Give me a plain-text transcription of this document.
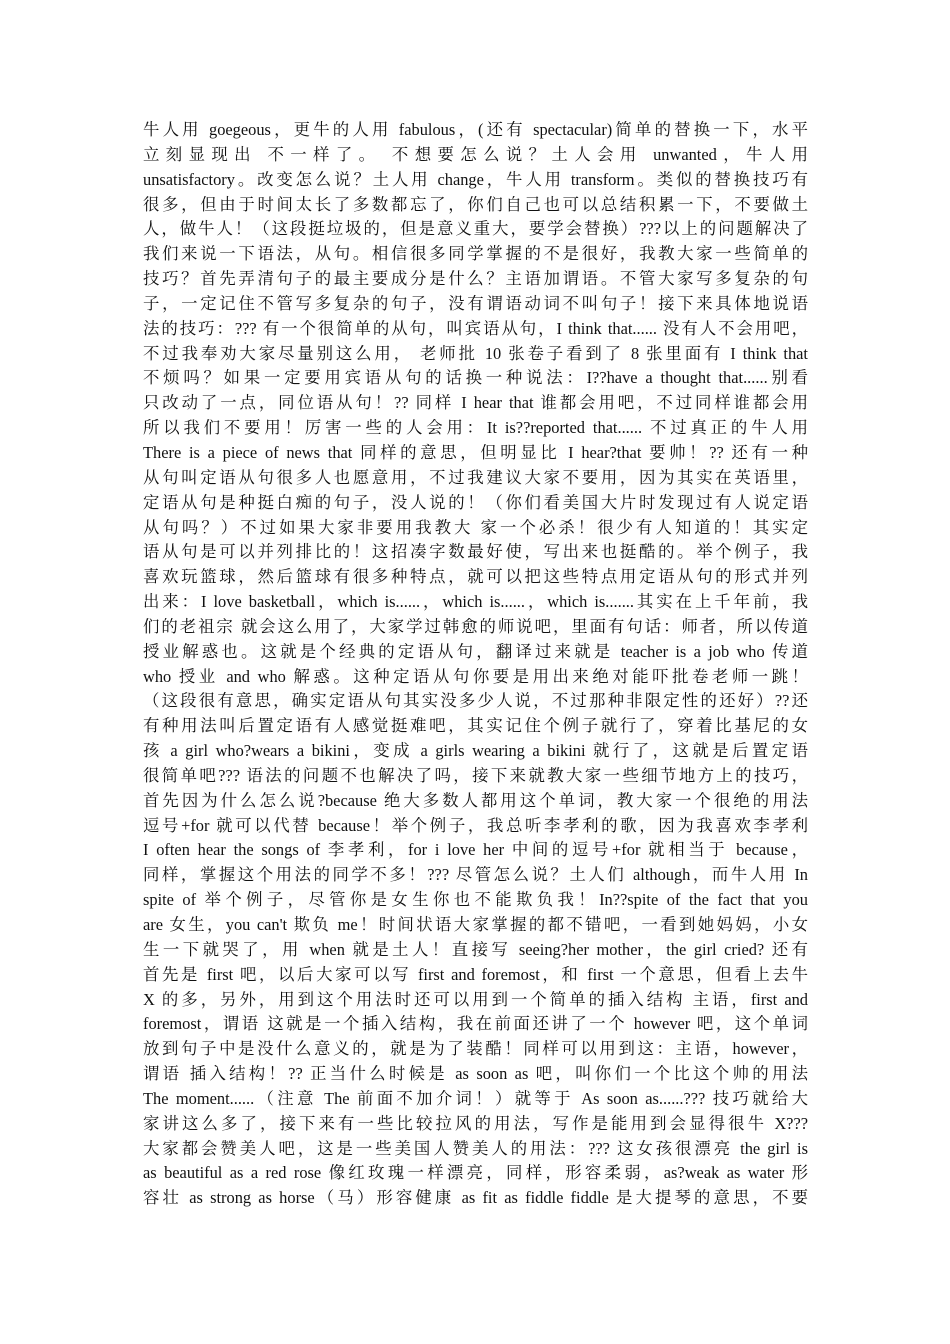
牛人用 goegeous，更牛的人用 fabulous，(还有 spectacular)简单的替换一下，水平
立刻显现出 不一样了。 不想要怎么说？土人会用 unwanted，牛人用
unsatisfactory。改变怎么说？土人用 change，牛人用 transform。类似的替换技巧有
很多，但由于时间太长了多数都忘了，你们自己也可以总结积累一下，不要做土
人，做牛人！（这段挺垃圾的，但是意义重大，要学会替换）???以上的问题解决了
我们来说一下语法，从句。相信很多同学掌握的不是很好，我教大家一些简单的
技巧？首先弄清句子的最主要成分是什么？主语加谓语。不管大家写多复杂的句
子，一定记住不管写多复杂的句子，没有谓语动词不叫句子！接下来具体地说语
法的技巧：??? 有一个很简单的从句，叫宾语从句，I think that...... 没有人不会用吧，
不过我奉劝大家尽量别这么用， 老师批 10 张卷子看到了 8 张里面有 I think that
不烦吗？如果一定要用宾语从句的话换一种说法：I??have a thought that......别看
只改动了一点，同位语从句！?? 同样 I hear that 谁都会用吧，不过同样谁都会用
所以我们不要用！厉害一些的人会用：It is??reported that...... 不过真正的牛人用
There is a piece of news that 同样的意思，但明显比 I hear?that 要帅！?? 还有一种
从句叫定语从句很多人也愿意用，不过我建议大家不要用，因为其实在英语里，
定语从句是种挺白痴的句子，没人说的！（你们看美国大片时发现过有人说定语
从句吗？）不过如果大家非要用我教大 家一个必杀！很少有人知道的！其实定
语从句是可以并列排比的！这招凑字数最好使，写出来也挺酷的。举个例子，我
喜欢玩篮球，然后篮球有很多种特点，就可以把这些特点用定语从句的形式并列
出来：I love basketball，which is......，which is......，which is.......其实在上千年前，我
们的老祖宗 就会这么用了，大家学过韩愈的师说吧，里面有句话：师者，所以传道
授业解惑也。这就是个经典的定语从句，翻译过来就是 teacher is a job who 传道
who 授业 and who 解惑。这种定语从句你要是用出来绝对能吓批卷老师一跳！
（这段很有意思，确实定语从句其实没多少人说，不过那种非限定性的还好）??还
有种用法叫后置定语有人感觉挺难吧，其实记住个例子就行了，穿着比基尼的女
孩 a girl who?wears a bikini，变成 a girls wearing a bikini 就行了，这就是后置定语
很简单吧??? 语法的问题不也解决了吗，接下来就教大家一些细节地方上的技巧，
首先因为什么怎么说?because 绝大多数人都用这个单词，教大家一个很绝的用法
逗号+for 就可以代替 because！举个例子，我总听李孝利的歌，因为我喜欢李孝利
I often hear the songs of 李孝利，for i love her 中间的逗号+for 就相当于 because，
同样，掌握这个用法的同学不多！??? 尽管怎么说？土人们 although，而牛人用 In
spite of 举个例子，尽管你是女生你也不能欺负我！In??spite of the fact that you
are 女生，you can't 欺负 me！时间状语大家掌握的都不错吧，一看到她妈妈，小女
生一下就哭了，用 when 就是土人！直接写 seeing?her mother，the girl cried? 还有
首先是 first 吧，以后大家可以写 first and foremost，和 first 一个意思，但看上去牛
X 的多，另外，用到这个用法时还可以用到一个简单的插入结构 主语，first and
foremost，谓语 这就是一个插入结构，我在前面还讲了一个 however 吧，这个单词
放到句子中是没什么意义的，就是为了装酷！同样可以用到这：主语，however，
谓语 插入结构！?? 正当什么时候是 as soon as 吧，叫你们一个比这个帅的用法
The moment......（注意 The 前面不加介词！）就等于 As soon as......??? 技巧就给大
家讲这么多了，接下来有一些比较拉风的用法，写作是能用到会显得很牛 X???
大家都会赞美人吧，这是一些美国人赞美人的用法：??? 这女孩很漂亮 the girl is
as beautiful as a red rose 像红玫瑰一样漂亮，同样，形容柔弱，as?weak as water 形
容壮 as strong as horse（马）形容健康 as fit as fiddle fiddle 是大提琴的意思，不要
